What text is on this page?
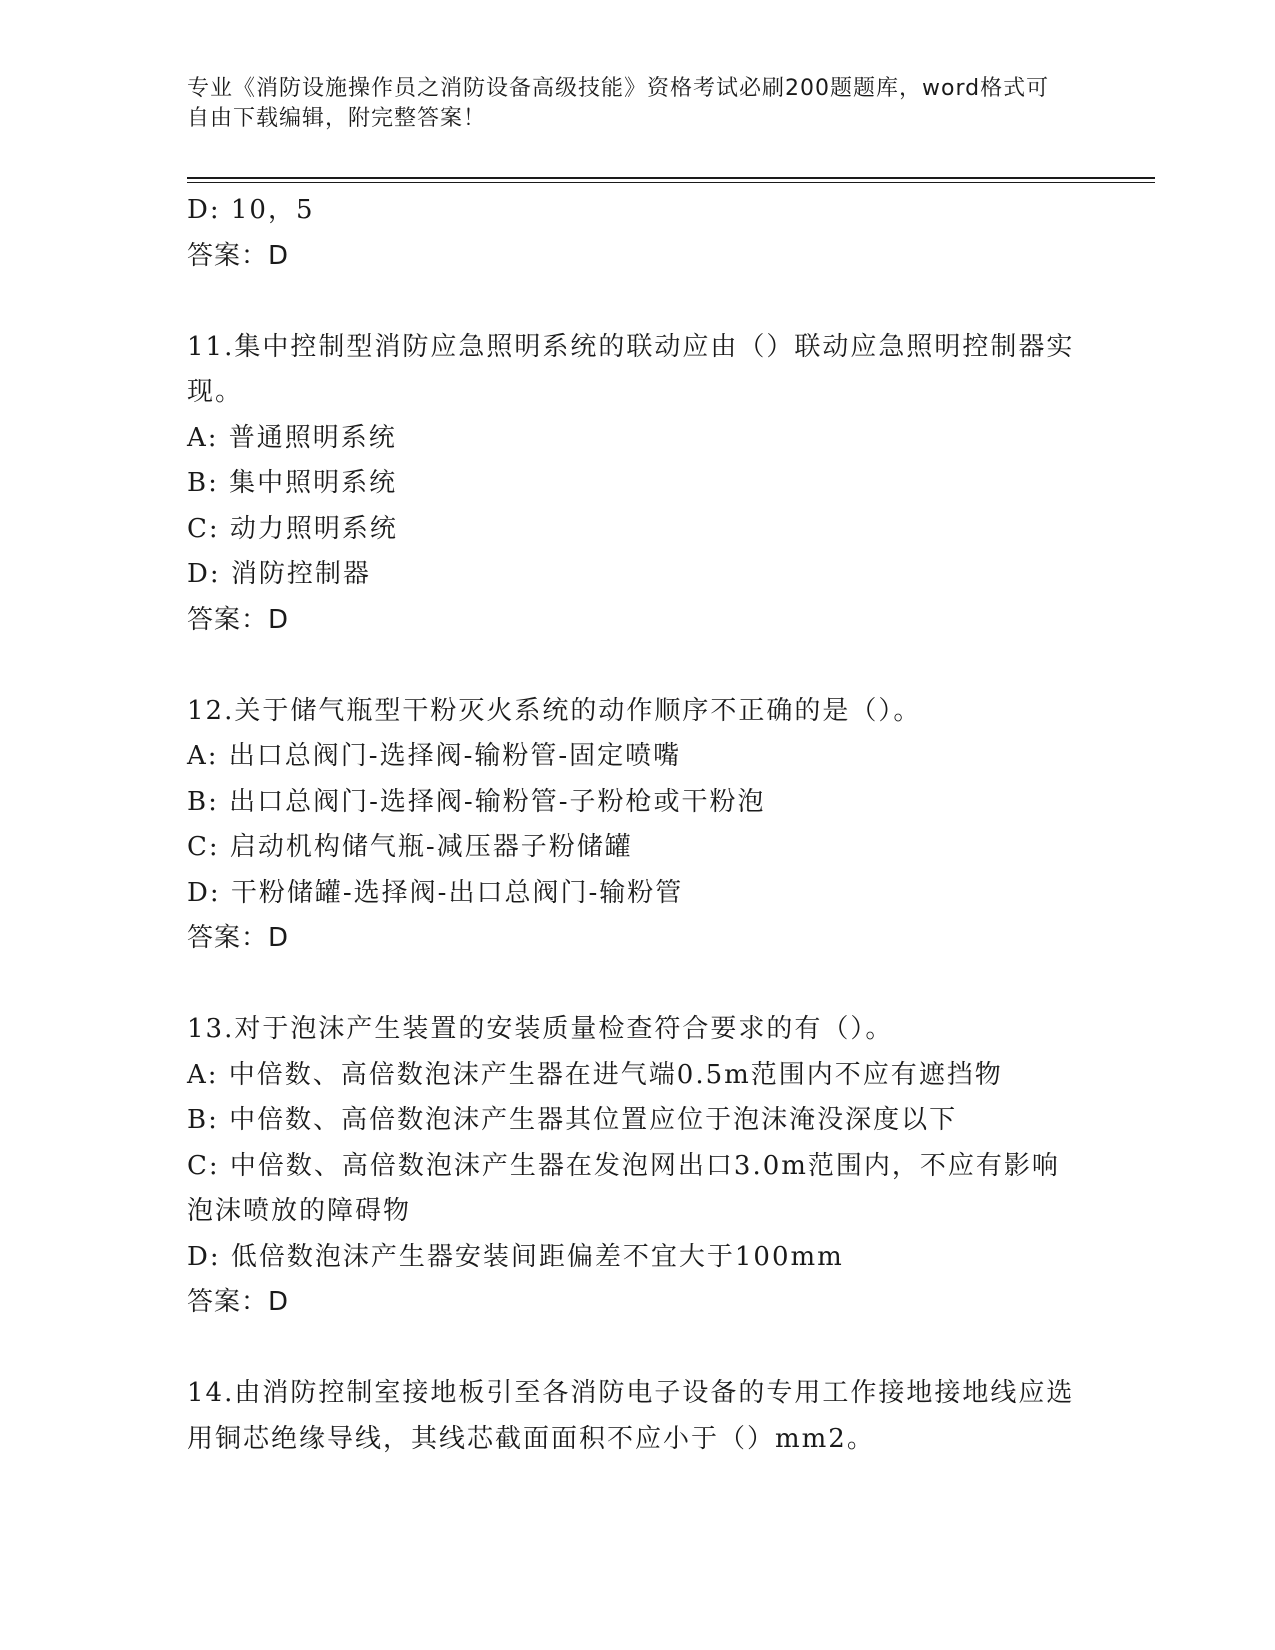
专业《消防设施操作员之消防设备高级技能》资格考试必刷200题题库，word格式可自由下载编辑，附完整答案！
D: 10，5
答案：D
11.集中控制型消防应急照明系统的联动应由（）联动应急照明控制器实现。
A: 普通照明系统
B: 集中照明系统
C: 动力照明系统
D: 消防控制器
答案：D
12.关于储气瓶型干粉灭火系统的动作顺序不正确的是（）。
A: 出口总阀门-选择阀-输粉管-固定喷嘴
B: 出口总阀门-选择阀-输粉管-子粉枪或干粉泡
C: 启动机构储气瓶-减压器子粉储罐
D: 干粉储罐-选择阀-出口总阀门-输粉管
答案：D
13.对于泡沫产生装置的安装质量检查符合要求的有（）。
A: 中倍数、高倍数泡沫产生器在进气端0.5m范围内不应有遮挡物
B: 中倍数、高倍数泡沫产生器其位置应位于泡沫淹没深度以下
C: 中倍数、高倍数泡沫产生器在发泡网出口3.0m范围内，不应有影响泡沫喷放的障碍物
D: 低倍数泡沫产生器安装间距偏差不宜大于100mm
答案：D
14.由消防控制室接地板引至各消防电子设备的专用工作接地接地线应选用铜芯绝缘导线，其线芯截面面积不应小于（）mm2。
